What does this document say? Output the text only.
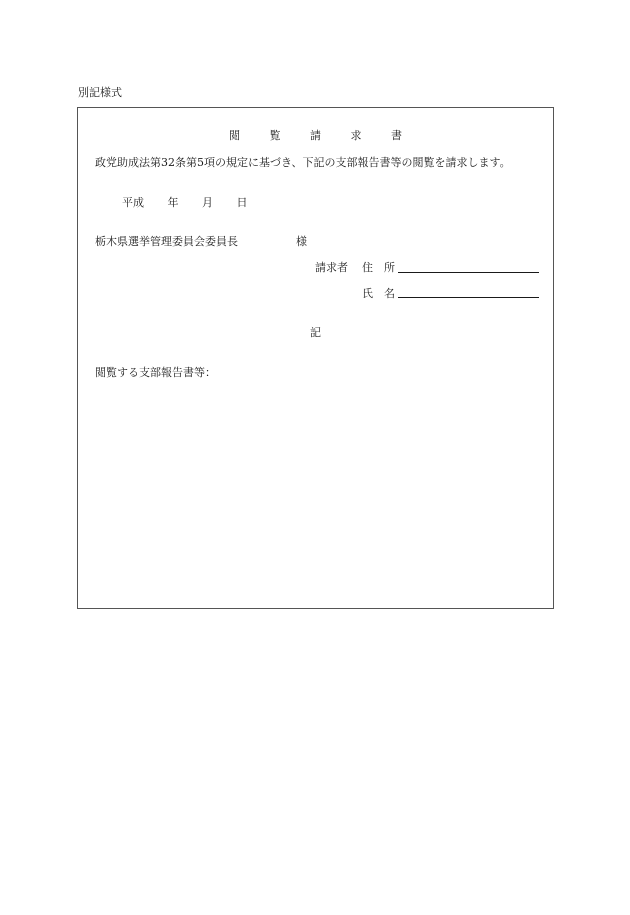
別記様式
閲	覧	請	求	書
政党助成法第32条第5項の規定に基づき、下記の支部報告書等の閲覧を請求します。
平成 年 月 日
栃木県選挙管理委員会委員長	様
請求者 住　所
氏　名
記
閲覧する支部報告書等：
